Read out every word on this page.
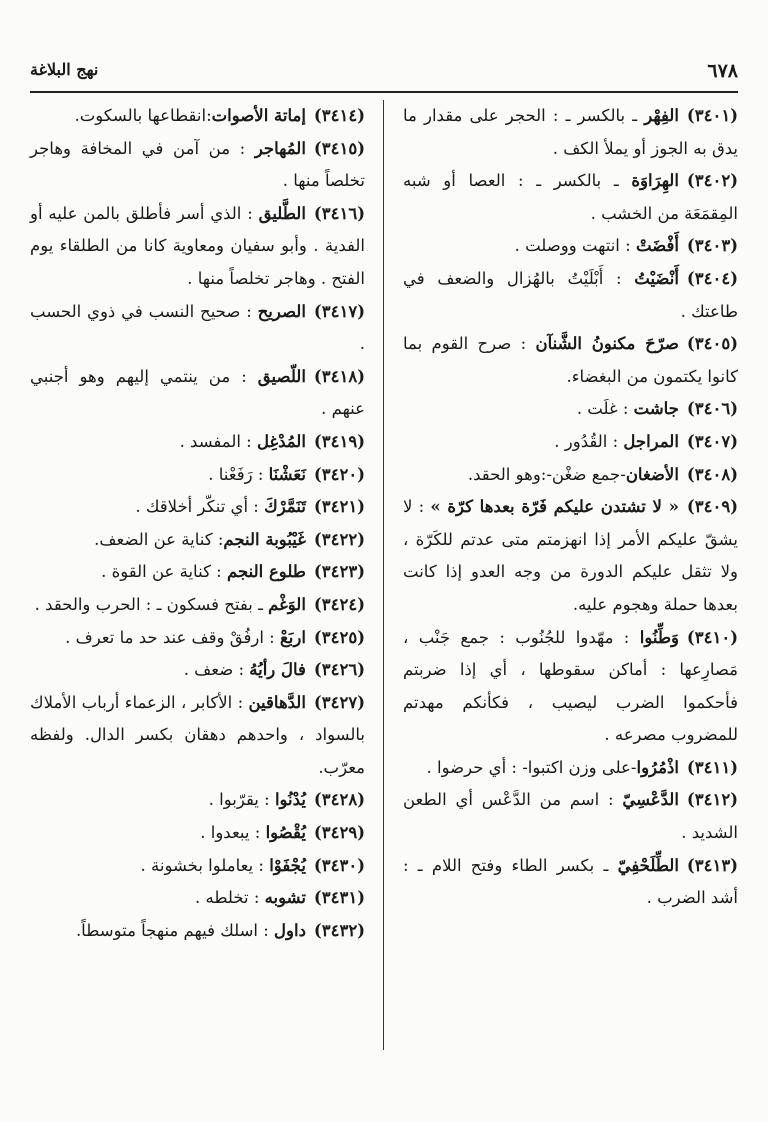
٦٧٨
نهج البلاغة

(٣٤٠١)الفِهْر ـ بالكسر ـ : الحجر على مقدار ما يدق به الجوز أو يملأ الكف .

(٣٤٠٢)الهِرَاوَة ـ بالكسر ـ : العصا أو شبه المِقمَعَة من الخشب .

(٣٤٠٣)أَفْضَتْ : انتهت ووصلت .

(٣٤٠٤)أَنْضَيْتُ : أَبْلَيْتُ بالهُزال والضعف في طاعتك .

(٣٤٠٥)صرّحَ مكنونُ الشَّنآن : صرح القوم بما كانوا يكتمون من البغضاء.

(٣٤٠٦)جاشت : غلَت .

(٣٤٠٧)المراجل : القُدُور .

(٣٤٠٨)الأضغان-جمع ضغْن-:وهو الحقد.

(٣٤٠٩)« لا تشتدن عليكم فَرّة بعدها كرّة » : لا يشقّ عليكم الأمر إذا انهزمتم متى عدتم للكَرّة ، ولا تثقل عليكم الدورة من وجه العدو إذا كانت بعدها حملة وهجوم عليه.

(٣٤١٠)وَطِّنُوا : مهّدوا للجُنُوب : جمع جَنْب ، مَصارِعها : أماكن سقوطها ، أي إذا ضربتم فأحكموا الضرب ليصيب ، فكأنكم مهدتم للمضروب مصرعه .

(٣٤١١)اذْمُرُوا-على وزن اكتبوا- : أي حرضوا .

(٣٤١٢)الدَّعْسِيّ : اسم من الدَّعْس أي الطعن الشديد .

(٣٤١٣)الطِّلَحْفِيّ ـ بكسر الطاء وفتح اللام ـ : أشد الضرب .

(٣٤١٤)إماتة الأصوات:انقطاعها بالسكوت.

(٣٤١٥)المُهاجر : من آمن في المخافة وهاجر تخلصاً منها .

(٣٤١٦)الطَّليق : الذي أسر فأطلق بالمن عليه أو الفدية . وأبو سفيان ومعاوية كانا من الطلقاء يوم الفتح . وهاجر تخلصاً منها .

(٣٤١٧)الصريح : صحيح النسب في ذوي الحسب .

(٣٤١٨)اللّصيق : من ينتمي إليهم وهو أجنبي عنهم .

(٣٤١٩)المُدْغِل : المفسد .

(٣٤٢٠)نَعَشْنَا : رَفَعْنا .

(٣٤٢١)تَنَمَّرْكَ : أي تنكّر أخلاقك .

(٣٤٢٢)غَيْبُوبة النجم: كناية عن الضعف.

(٣٤٢٣)طلوع النجم : كناية عن القوة .

(٣٤٢٤)الوَغْم ـ بفتح فسكون ـ : الحرب والحقد .

(٣٤٢٥)اربَعْ : ارفُقْ وقف عند حد ما تعرف .

(٣٤٢٦)فالَ رأيُهُ : ضعف .

(٣٤٢٧)الدَّهاقين : الأكابر ، الزعماء أرباب الأملاك بالسواد ، واحدهم دهقان بكسر الدال. ولفظه معرّب.

(٣٤٢٨)يُدْنُوا : يقرّبوا .

(٣٤٢٩)يُقْصُوا : يبعدوا .

(٣٤٣٠)يُجْفَوْا : يعاملوا بخشونة .

(٣٤٣١)تشوبه : تخلطه .

(٣٤٣٢)داول : اسلك فيهم منهجاً متوسطاً.
